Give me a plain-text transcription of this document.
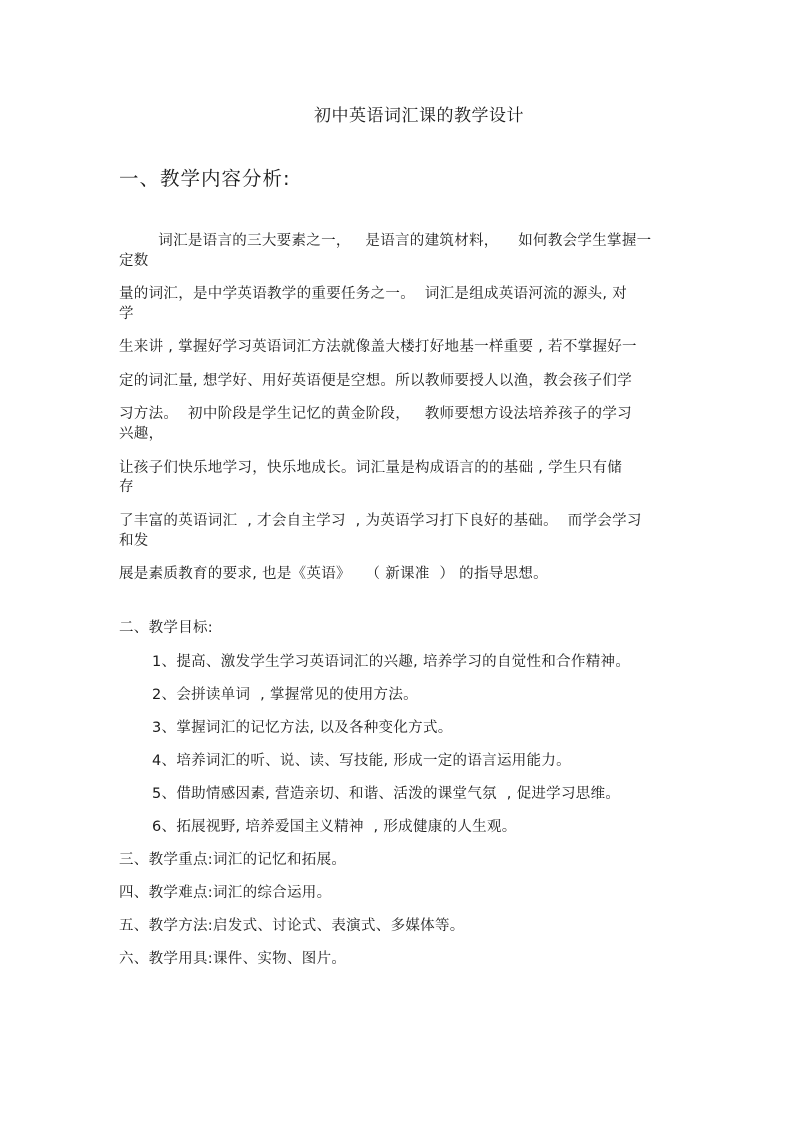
初中英语词汇课的教学设计
一、教学内容分析:
词汇是语言的三大要素之一，   是语言的建筑材料，    如何教会学生掌握一
定数
量的词汇，是中学英语教学的重要任务之一。  词汇是组成英语河流的源头, 对
学
生来讲 , 掌握好学习英语词汇方法就像盖大楼打好地基一样重要 , 若不掌握好一
定的词汇量, 想学好、用好英语便是空想。所以教师要授人以渔，教会孩子们学
习方法。  初中阶段是学生记忆的黄金阶段，   教师要想方设法培养孩子的学习
兴趣，
让孩子们快乐地学习，快乐地成长。词汇量是构成语言的的基础 , 学生只有储
存
了丰富的英语词汇  , 才会自主学习  , 为英语学习打下良好的基础。  而学会学习
和发
展是素质教育的要求, 也是《英语》   （ 新课准  ） 的指导思想。
二、教学目标:
1、提高、激发学生学习英语词汇的兴趣, 培养学习的自觉性和合作精神。
2、会拼读单词  , 掌握常见的使用方法。
3、掌握词汇的记忆方法, 以及各种变化方式。
4、培养词汇的听、说、读、写技能, 形成一定的语言运用能力。
5、借助情感因素, 营造亲切、和谐、活泼的课堂气氛  , 促进学习思维。
6、拓展视野, 培养爱国主义精神  , 形成健康的人生观。
三、教学重点:词汇的记忆和拓展。
四、教学难点:词汇的综合运用。
五、教学方法:启发式、讨论式、表演式、多媒体等。
六、教学用具:课件、实物、图片。
